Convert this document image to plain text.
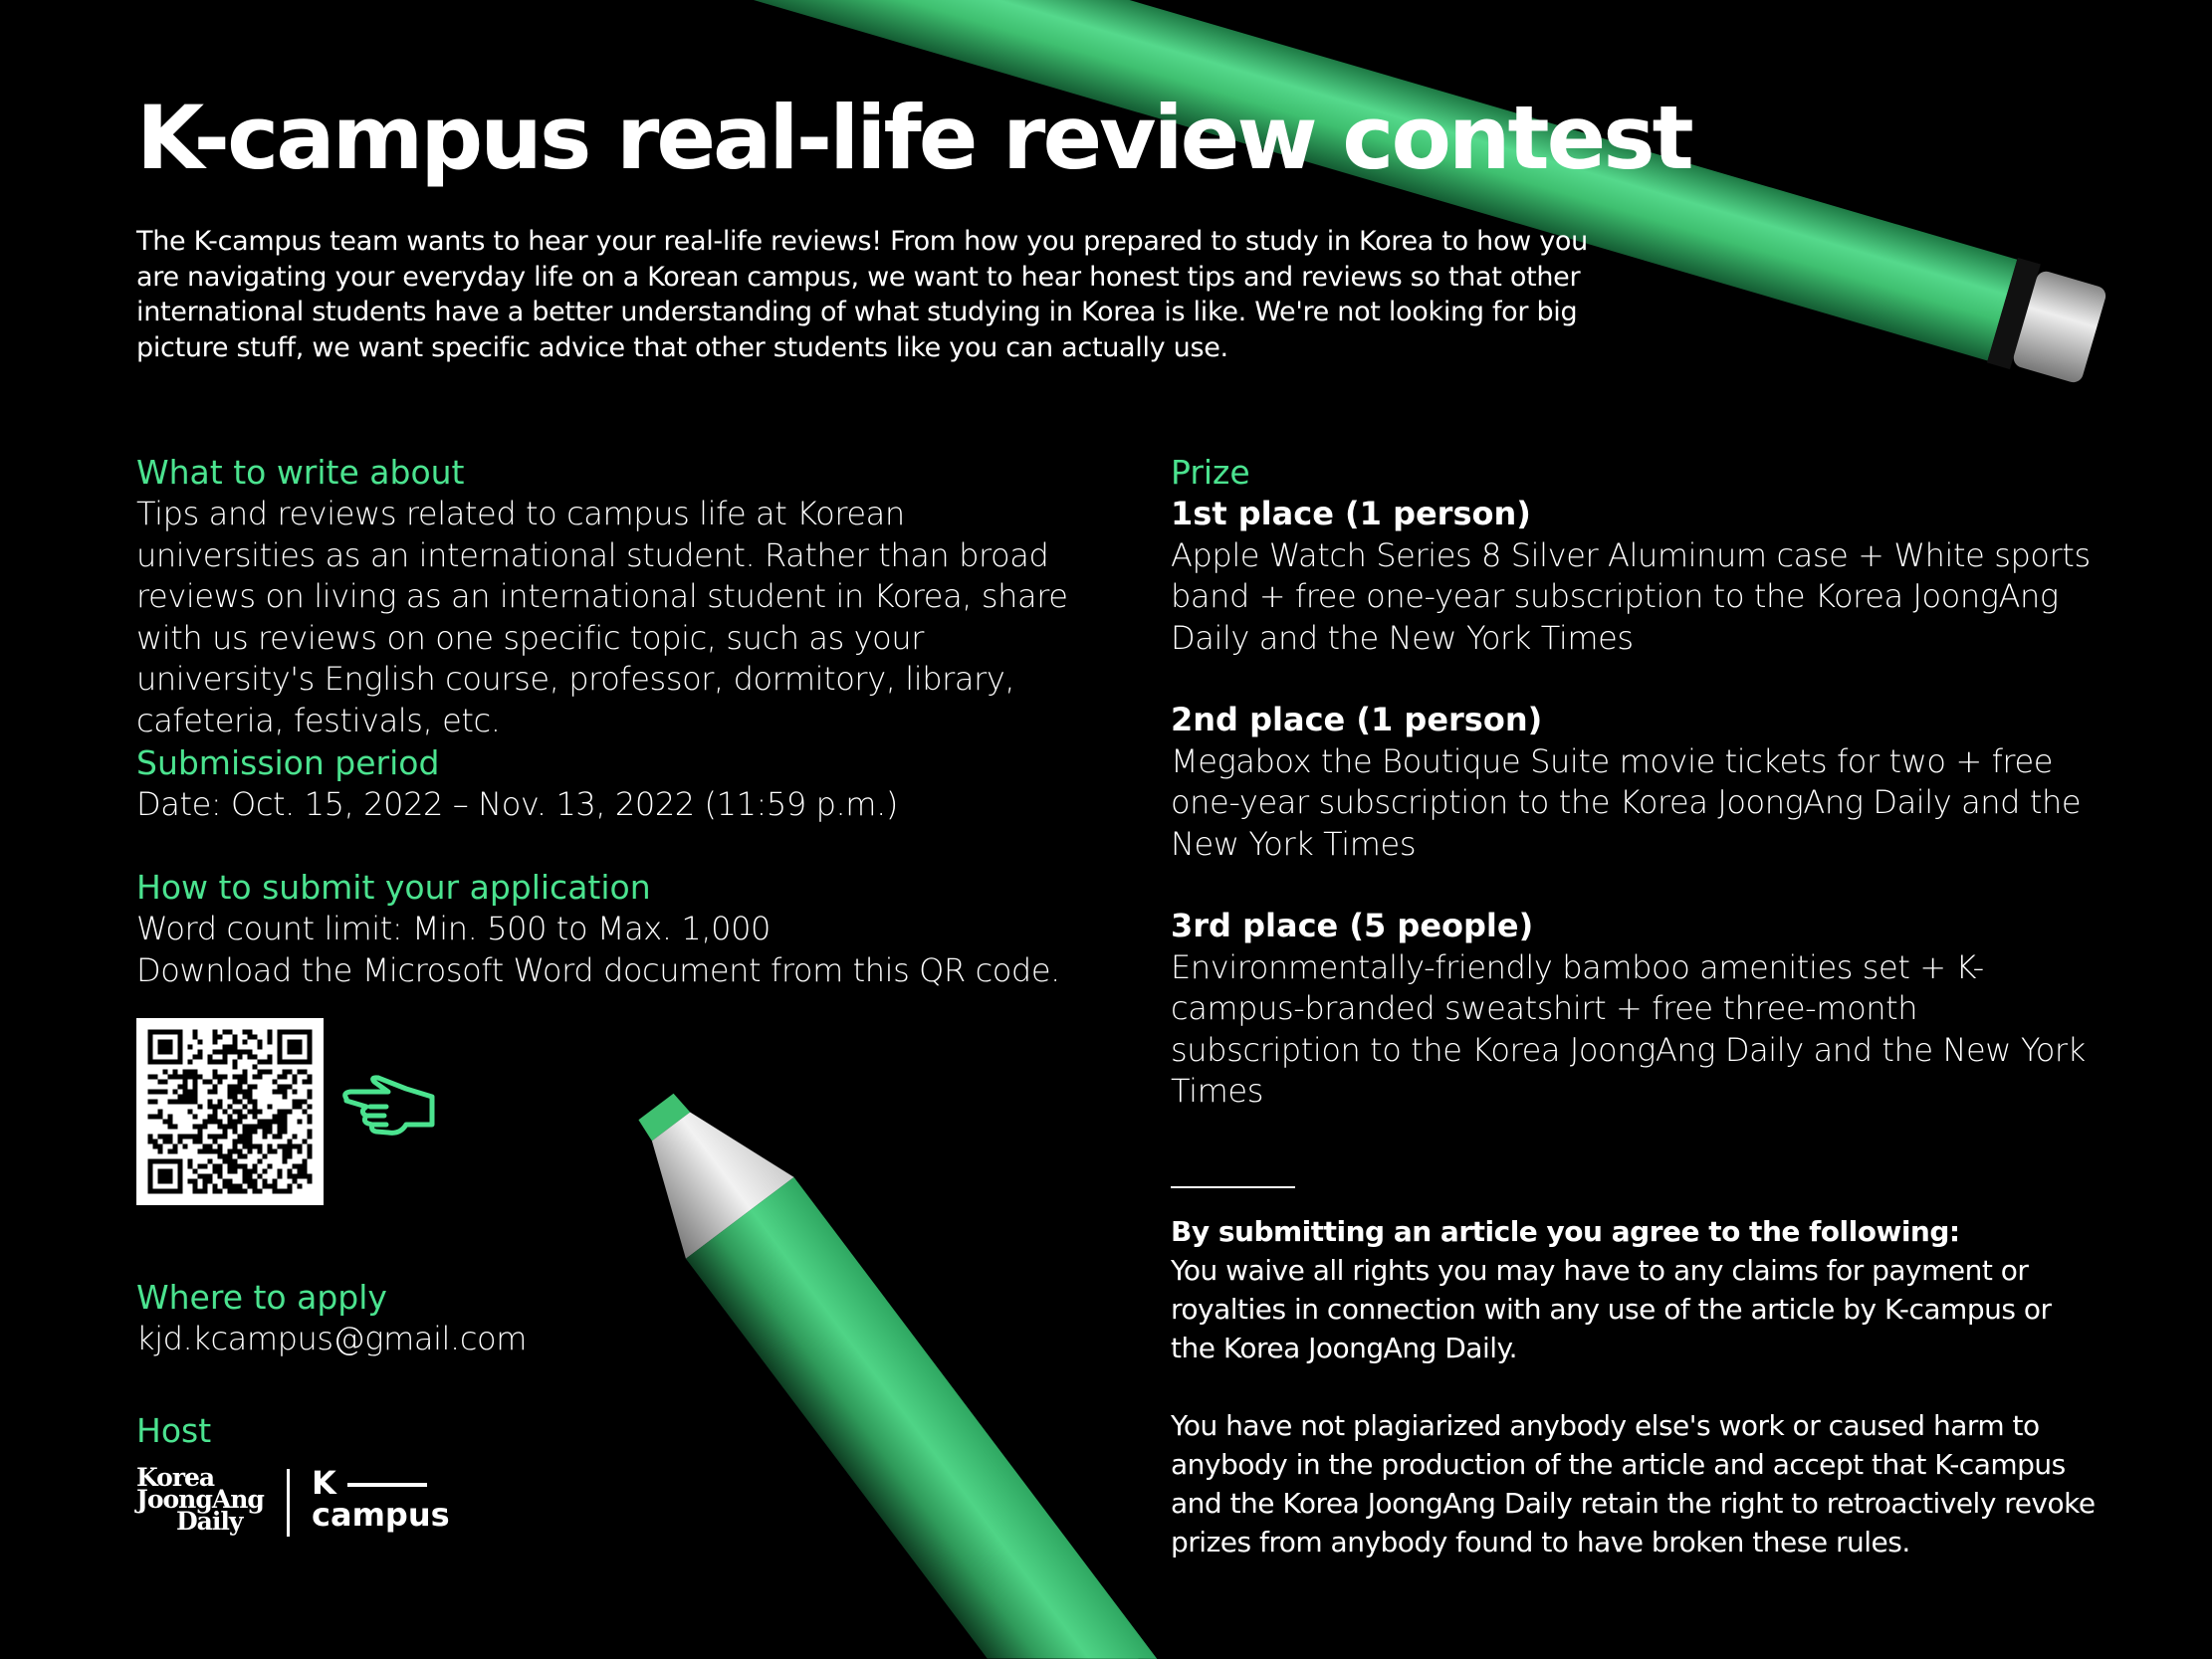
K-campus real-life review contest

The K-campus team wants to hear your real-life reviews! From how you prepared to study in Korea to how you are navigating your everyday life on a Korean campus, we want to hear honest tips and reviews so that other international students have a better understanding of what studying in Korea is like. We're not looking for big picture stuff, we want specific advice that other students like you can actually use.

What to write about

Tips and reviews related to campus life at Korean universities as an international student. Rather than broad reviews on living as an international student in Korea, share with us reviews on one specific topic, such as your university's English course, professor, dormitory, library, cafeteria, festivals, etc.

Submission period

Date: Oct. 15, 2022 – Nov. 13, 2022 (11:59 p.m.)

How to submit your application

Word count limit: Min. 500 to Max. 1,000

Download the Microsoft Word document from this QR code.

Where to apply

kjd.kcampus@gmail.com

Host
Korea
JoongAng
Daily
K
campus
Prize
1st place (1 person)

Apple Watch Series 8 Silver Aluminum case + White sports band + free one-year subscription to the Korea JoongAng Daily and the New York Times

2nd place (1 person)

Megabox the Boutique Suite movie tickets for two + free one-year subscription to the Korea JoongAng Daily and the New York Times

3rd place (5 people)

Environmentally-friendly bamboo amenities set + K-campus-branded sweatshirt + free three-month subscription to the Korea JoongAng Daily and the New York Times

By submitting an article you agree to the following:

You waive all rights you may have to any claims for payment or royalties in connection with any use of the article by K-campus or the Korea JoongAng Daily.

You have not plagiarized anybody else's work or caused harm to anybody in the production of the article and accept that K-campus and the Korea JoongAng Daily retain the right to retroactively revoke prizes from anybody found to have broken these rules.
